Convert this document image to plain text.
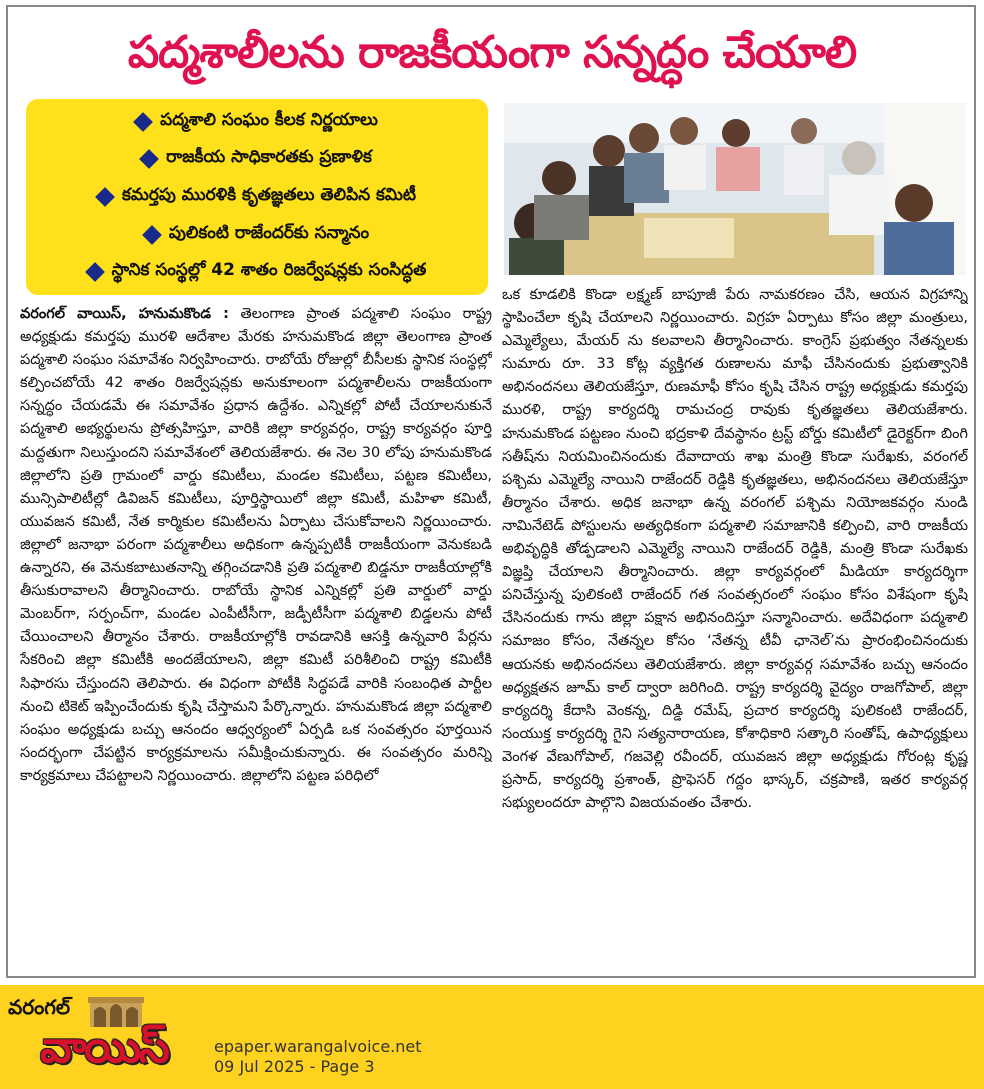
పద్మశాలీలను రాజకీయంగా సన్నద్ధం చేయాలి
పద్మశాలి సంఘం కీలక నిర్ణయాలు
రాజకీయ సాధికారతకు ప్రణాళిక
కమర్తపు మురళికి కృతజ్ఞతలు తెలిపిన కమిటీ
పులికంటి రాజేందర్‌కు సన్మానం
స్థానిక సంస్థల్లో 42 శాతం రిజర్వేషన్లకు సంసిద్ధత
వరంగల్ వాయిస్, హనుమకొండ : తెలంగాణ ప్రాంత పద్మశాలి సంఘం రాష్ట్ర అధ్యక్షుడు కమర్తపు మురళి ఆదేశాల మేరకు హనుమకొండ జిల్లా తెలంగాణ ప్రాంత పద్మశాలి సంఘం సమావేశం నిర్వహించారు. రాబోయే రోజుల్లో బీసీలకు స్థానిక సంస్థల్లో కల్పించబోయే 42 శాతం రిజర్వేషన్లకు అనుకూలంగా పద్మశాలీలను రాజకీయంగా సన్నద్ధం చేయడమే ఈ సమావేశం ప్రధాన ఉద్దేశం. ఎన్నికల్లో పోటీ చేయాలనుకునే పద్మశాలి అభ్యర్థులను ప్రోత్సహిస్తూ, వారికి జిల్లా కార్యవర్గం, రాష్ట్ర కార్యవర్గం పూర్తి మద్దతుగా నిలుస్తుందని సమావేశంలో తెలియజేశారు. ఈ నెల 30 లోపు హనుమకొండ జిల్లాలోని ప్రతి గ్రామంలో వార్డు కమిటీలు, మండల కమిటీలు, పట్టణ కమిటీలు, మున్సిపాలిటీల్లో డివిజన్ కమిటీలు, పూర్తిస్థాయిలో జిల్లా కమిటీ, మహిళా కమిటీ, యువజన కమిటీ, నేత కార్మికుల కమిటీలను ఏర్పాటు చేసుకోవాలని నిర్ణయించారు. జిల్లాలో జనాభా పరంగా పద్మశాలీలు అధికంగా ఉన్నప్పటికీ రాజకీయంగా వెనుకబడి ఉన్నారని, ఈ వెనుకబాటుతనాన్ని తగ్గించడానికి ప్రతి పద్మశాలి బిడ్డనూ రాజకీయాల్లోకి తీసుకురావాలని తీర్మానించారు. రాబోయే స్థానిక ఎన్నికల్లో ప్రతి వార్డులో వార్డు మెంబర్‌గా, సర్పంచ్‌గా, మండల ఎంపీటీసీగా, జడ్పీటీసీగా పద్మశాలి బిడ్డలను పోటీ చేయించాలని తీర్మానం చేశారు. రాజకీయాల్లోకి రావడానికి ఆసక్తి ఉన్నవారి పేర్లను సేకరించి జిల్లా కమిటీకి అందజేయాలని, జిల్లా కమిటీ పరిశీలించి రాష్ట్ర కమిటీకి సిఫారసు చేస్తుందని తెలిపారు. ఈ విధంగా పోటీకి సిద్ధపడే వారికి సంబంధిత పార్టీల నుంచి టికెట్ ఇప్పించేందుకు కృషి చేస్తామని పేర్కొన్నారు. హనుమకొండ జిల్లా పద్మశాలి సంఘం అధ్యక్షుడు బచ్చు ఆనందం ఆధ్వర్యంలో ఏర్పడి ఒక సంవత్సరం పూర్తయిన సందర్భంగా చేపట్టిన కార్యక్రమాలను సమీక్షించుకున్నారు. ఈ సంవత్సరం మరిన్ని కార్యక్రమాలు చేపట్టాలని నిర్ణయించారు. జిల్లాలోని పట్టణ పరిధిలో
ఒక కూడలికి కొండా లక్ష్మణ్ బాపూజీ పేరు నామకరణం చేసి, ఆయన విగ్రహాన్ని స్థాపించేలా కృషి చేయాలని నిర్ణయించారు. విగ్రహ ఏర్పాటు కోసం జిల్లా మంత్రులు, ఎమ్మెల్యేలు, మేయర్ ను కలవాలని తీర్మానించారు. కాంగ్రెస్ ప్రభుత్వం నేతన్నలకు సుమారు రూ. 33 కోట్ల వ్యక్తిగత రుణాలను మాఫీ చేసినందుకు ప్రభుత్వానికి అభినందనలు తెలియజేస్తూ, రుణమాఫీ కోసం కృషి చేసిన రాష్ట్ర అధ్యక్షుడు కమర్తపు మురళి, రాష్ట్ర కార్యదర్శి రామచంద్ర రావుకు కృతజ్ఞతలు తెలియజేశారు. హనుమకొండ పట్టణం నుంచి భద్రకాళి దేవస్థానం ట్రస్ట్ బోర్డు కమిటీలో డైరెక్టర్‌గా బింగి సతీష్‌ను నియమించినందుకు దేవాదాయ శాఖ మంత్రి కొండా సురేఖకు, వరంగల్ పశ్చిమ ఎమ్మెల్యే నాయిని రాజేందర్ రెడ్డికి కృతజ్ఞతలు, అభినందనలు తెలియజేస్తూ తీర్మానం చేశారు. అధిక జనాభా ఉన్న వరంగల్ పశ్చిమ నియోజకవర్గం నుండి నామినేటెడ్ పోస్టులను అత్యధికంగా పద్మశాలి సమాజానికి కల్పించి, వారి రాజకీయ అభివృద్ధికి తోడ్పడాలని ఎమ్మెల్యే నాయిని రాజేందర్ రెడ్డికి, మంత్రి కొండా సురేఖకు విజ్ఞప్తి చేయాలని తీర్మానించారు. జిల్లా కార్యవర్గంలో మీడియా కార్యదర్శిగా పనిచేస్తున్న పులికంటి రాజేందర్ గత సంవత్సరంలో సంఘం కోసం విశేషంగా కృషి చేసినందుకు గాను జిల్లా పక్షాన అభినందిస్తూ సన్మానించారు. అదేవిధంగా పద్మశాలి సమాజం కోసం, నేతన్నల కోసం ‘నేతన్న టీవీ ఛానెల్’ను ప్రారంభించినందుకు ఆయనకు అభినందనలు తెలియజేశారు. జిల్లా కార్యవర్గ సమావేశం బచ్చు ఆనందం అధ్యక్షతన జూమ్ కాల్ ద్వారా జరిగింది. రాష్ట్ర కార్యదర్శి వైద్యం రాజగోపాల్, జిల్లా కార్యదర్శి కేదాసి వెంకన్న, దిడ్డి రమేష్, ప్రచార కార్యదర్శి పులికంటి రాజేందర్, సంయుక్త కార్యదర్శి గైని సత్యనారాయణ, కోశాధికారి సత్కారి సంతోష్, ఉపాధ్యక్షులు వెంగళ వేణుగోపాల్, గజవెల్లి రవీందర్, యువజన జిల్లా అధ్యక్షుడు గోరంట్ల కృష్ణ ప్రసాద్, కార్యదర్శి ప్రశాంత్, ప్రొఫెసర్ గద్దం భాస్కర్, చక్రపాణి, ఇతర కార్యవర్గ సభ్యులందరూ పాల్గొని విజయవంతం చేశారు.
వరంగల్
వాయిస్	epaper.warangalvoice.net
09 Jul 2025 - Page 3
